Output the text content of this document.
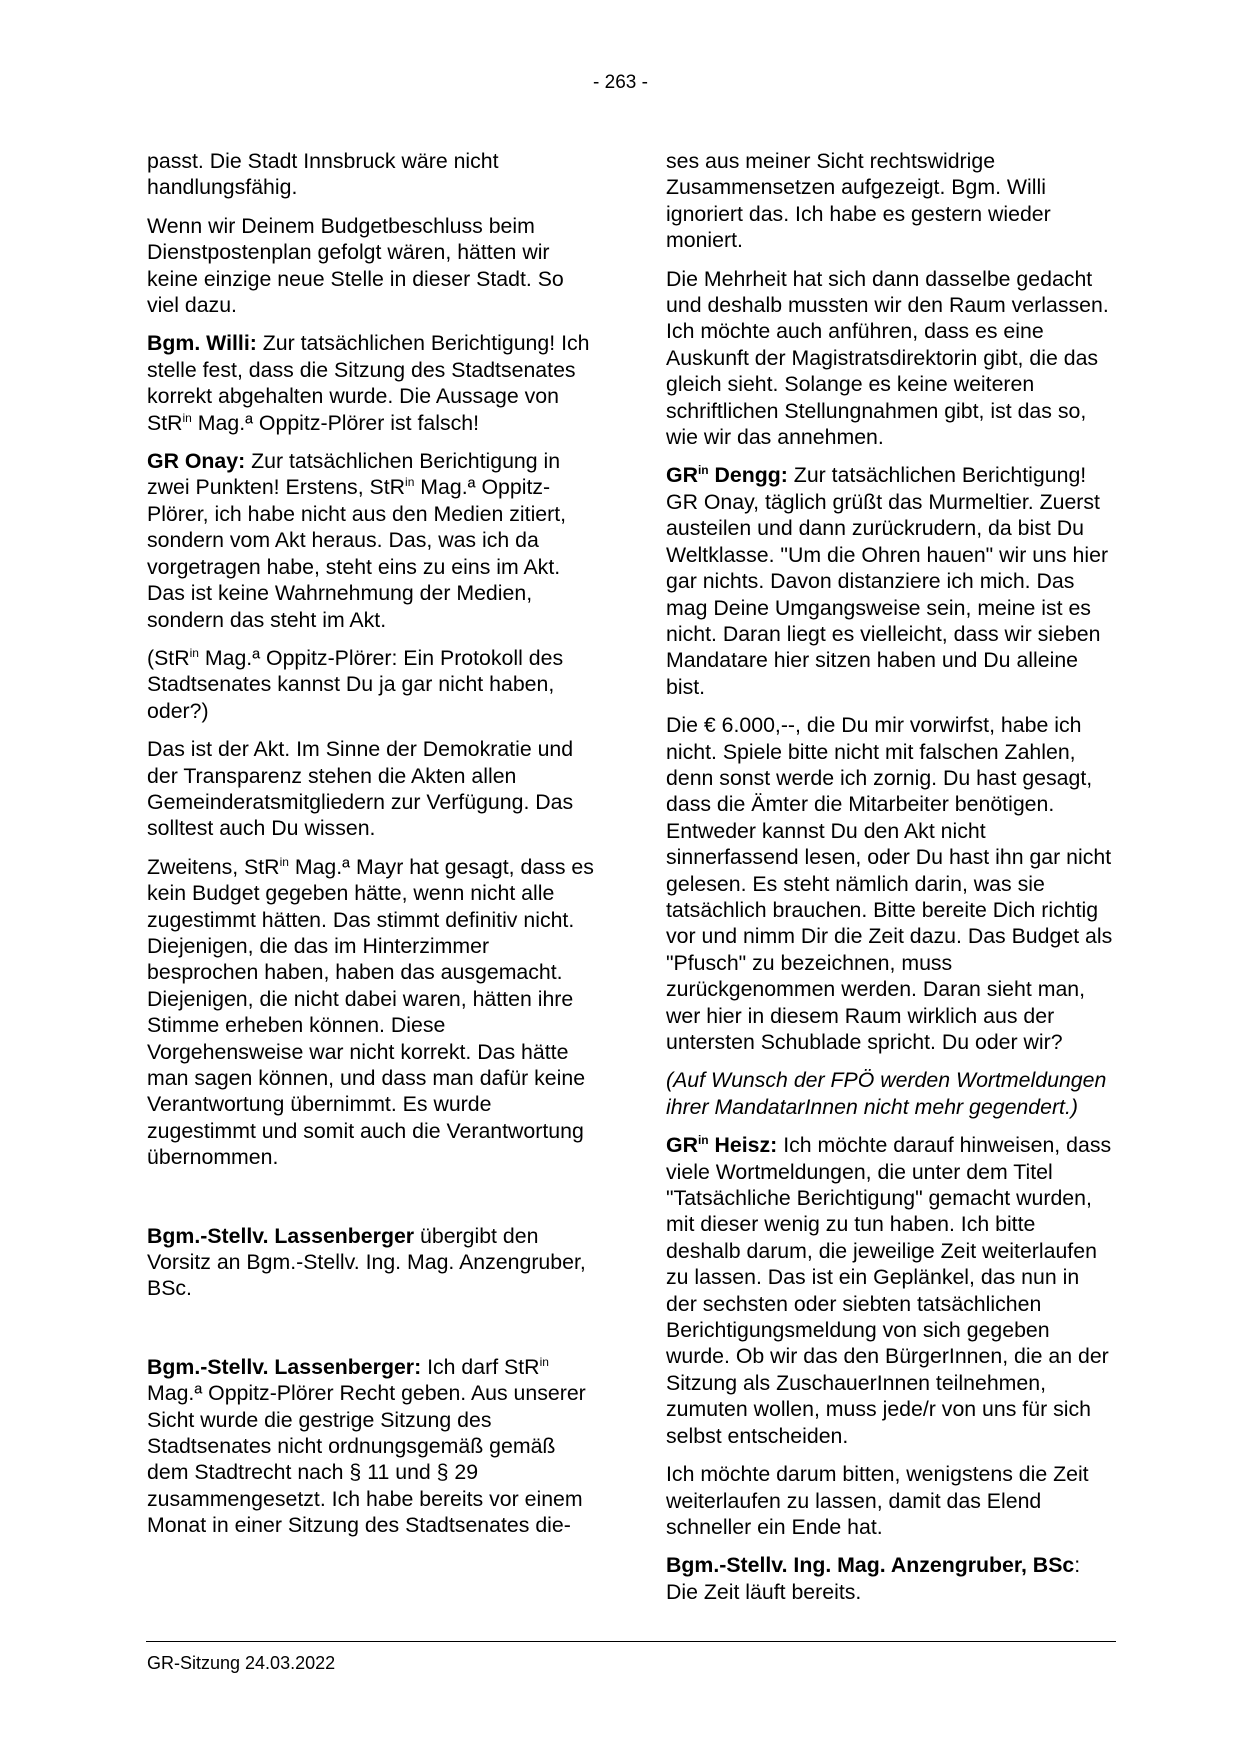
- 263 -

passt. Die Stadt Innsbruck wäre nicht handlungsfähig.

Wenn wir Deinem Budgetbeschluss beim Dienstpostenplan gefolgt wären, hätten wir keine einzige neue Stelle in dieser Stadt. So viel dazu.

Bgm. Willi: Zur tatsächlichen Berichtigung! Ich stelle fest, dass die Sitzung des Stadtsenates korrekt abgehalten wurde. Die Aussage von StR$^{in}$ Mag.ª Oppitz-Plörer ist falsch!

GR Onay: Zur tatsächlichen Berichtigung in zwei Punkten! Erstens, StR$^{in}$ Mag.ª Oppitz-Plörer, ich habe nicht aus den Medien zitiert, sondern vom Akt heraus. Das, was ich da vorgetragen habe, steht eins zu eins im Akt. Das ist keine Wahrnehmung der Medien, sondern das steht im Akt.

(StR$^{in}$ Mag.ª Oppitz-Plörer: Ein Protokoll des Stadtsenates kannst Du ja gar nicht haben, oder?)

Das ist der Akt. Im Sinne der Demokratie und der Transparenz stehen die Akten allen Gemeinderatsmitgliedern zur Verfügung. Das solltest auch Du wissen.

Zweitens, StR$^{in}$ Mag.ª Mayr hat gesagt, dass es kein Budget gegeben hätte, wenn nicht alle zugestimmt hätten. Das stimmt definitiv nicht. Diejenigen, die das im Hinterzimmer besprochen haben, haben das ausgemacht. Diejenigen, die nicht dabei waren, hätten ihre Stimme erheben können. Diese Vorgehensweise war nicht korrekt. Das hätte man sagen können, und dass man dafür keine Verantwortung übernimmt. Es wurde zugestimmt und somit auch die Verantwortung übernommen.

Bgm.-Stellv. Lassenberger übergibt den Vorsitz an Bgm.-Stellv. Ing. Mag. Anzengruber, BSc.

Bgm.-Stellv. Lassenberger: Ich darf StR$^{in}$ Mag.ª Oppitz-Plörer Recht geben. Aus unserer Sicht wurde die gestrige Sitzung des Stadtsenates nicht ordnungsgemäß gemäß dem Stadtrecht nach § 11 und § 29 zusammengesetzt. Ich habe bereits vor einem Monat in einer Sitzung des Stadtsenates die-

ses aus meiner Sicht rechtswidrige Zusammensetzen aufgezeigt. Bgm. Willi ignoriert das. Ich habe es gestern wieder moniert.

Die Mehrheit hat sich dann dasselbe gedacht und deshalb mussten wir den Raum verlassen. Ich möchte auch anführen, dass es eine Auskunft der Magistratsdirektorin gibt, die das gleich sieht. Solange es keine weiteren schriftlichen Stellungnahmen gibt, ist das so, wie wir das annehmen.

$GR^{in}$ Dengg: Zur tatsächlichen Berichtigung! GR Onay, täglich grüßt das Murmeltier. Zuerst austeilen und dann zurückrudern, da bist Du Weltklasse. "Um die Ohren hauen" wir uns hier gar nichts. Davon distanziere ich mich. Das mag Deine Umgangsweise sein, meine ist es nicht. Daran liegt es vielleicht, dass wir sieben Mandatare hier sitzen haben und Du alleine bist.

Die € 6.000,--, die Du mir vorwirfst, habe ich nicht. Spiele bitte nicht mit falschen Zahlen, denn sonst werde ich zornig. Du hast gesagt, dass die Ämter die Mitarbeiter benötigen. Entweder kannst Du den Akt nicht sinnerfassend lesen, oder Du hast ihn gar nicht gelesen. Es steht nämlich darin, was sie tatsächlich brauchen. Bitte bereite Dich richtig vor und nimm Dir die Zeit dazu. Das Budget als "Pfusch" zu bezeichnen, muss zurückgenommen werden. Daran sieht man, wer hier in diesem Raum wirklich aus der untersten Schublade spricht. Du oder wir?

(Auf Wunsch der FPÖ werden Wortmeldungen ihrer MandatarInnen nicht mehr gegendert.)

$GR^{in}$ Heisz: Ich möchte darauf hinweisen, dass viele Wortmeldungen, die unter dem Titel "Tatsächliche Berichtigung" gemacht wurden, mit dieser wenig zu tun haben. Ich bitte deshalb darum, die jeweilige Zeit weiterlaufen zu lassen. Das ist ein Geplänkel, das nun in der sechsten oder siebten tatsächlichen Berichtigungsmeldung von sich gegeben wurde. Ob wir das den BürgerInnen, die an der Sitzung als ZuschauerInnen teilnehmen, zumuten wollen, muss jede/r von uns für sich selbst entscheiden.

Ich möchte darum bitten, wenigstens die Zeit weiterlaufen zu lassen, damit das Elend schneller ein Ende hat.

Bgm.-Stellv. Ing. Mag. Anzengruber, BSc: Die Zeit läuft bereits.

GR-Sitzung 24.03.2022
